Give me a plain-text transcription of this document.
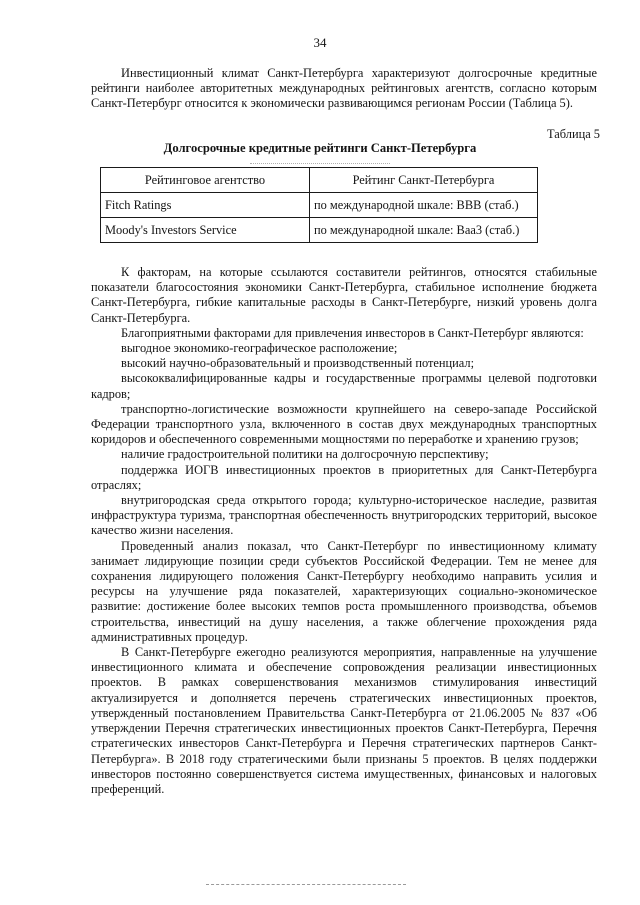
34

Инвестиционный климат Санкт-Петербурга характеризуют долгосрочные кредитные рейтинги наиболее авторитетных международных рейтинговых агентств, согласно которым Санкт-Петербург относится к экономически развивающимся регионам России (Таблица 5).

Таблица 5
Долгосрочные кредитные рейтинги Санкт-Петербурга
Рейтинговое агентство	Рейтинг Санкт-Петербурга
Fitch Ratings	по международной шкале: BBB (стаб.)
Moody's Investors Service	по международной шкале: Baa3 (стаб.)

К факторам, на которые ссылаются составители рейтингов, относятся стабильные показатели благосостояния экономики Санкт-Петербурга, стабильное исполнение бюджета Санкт-Петербурга, гибкие капитальные расходы в Санкт-Петербурге, низкий уровень долга Санкт-Петербурга.

Благоприятными факторами для привлечения инвесторов в Санкт-Петербург являются:

выгодное экономико-географическое расположение;

высокий научно-образовательный и производственный потенциал;

высококвалифицированные кадры и государственные программы целевой подготовки кадров;

транспортно-логистические возможности крупнейшего на северо-западе Российской Федерации транспортного узла, включенного в состав двух международных транспортных коридоров и обеспеченного современными мощностями по переработке и хранению грузов;

наличие градостроительной политики на долгосрочную перспективу;

поддержка ИОГВ инвестиционных проектов в приоритетных для Санкт-Петербурга отраслях;

внутригородская среда открытого города; культурно-историческое наследие, развитая инфраструктура туризма, транспортная обеспеченность внутригородских территорий, высокое качество жизни населения.

Проведенный анализ показал, что Санкт-Петербург по инвестиционному климату занимает лидирующие позиции среди субъектов Российской Федерации. Тем не менее для сохранения лидирующего положения Санкт-Петербургу необходимо направить усилия и ресурсы на улучшение ряда показателей, характеризующих социально-экономическое развитие: достижение более высоких темпов роста промышленного производства, объемов строительства, инвестиций на душу населения, а также облегчение прохождения ряда административных процедур.

В Санкт-Петербурге ежегодно реализуются мероприятия, направленные на улучшение инвестиционного климата и обеспечение сопровождения реализации инвестиционных проектов. В рамках совершенствования механизмов стимулирования инвестиций актуализируется и дополняется перечень стратегических инвестиционных проектов, утвержденный постановлением Правительства Санкт-Петербурга от 21.06.2005 № 837 «Об утверждении Перечня стратегических инвестиционных проектов Санкт-Петербурга, Перечня стратегических инвесторов Санкт-Петербурга и Перечня стратегических партнеров Санкт-Петербурга». В 2018 году стратегическими были признаны 5 проектов. В целях поддержки инвесторов постоянно совершенствуется система имущественных, финансовых и налоговых преференций.
